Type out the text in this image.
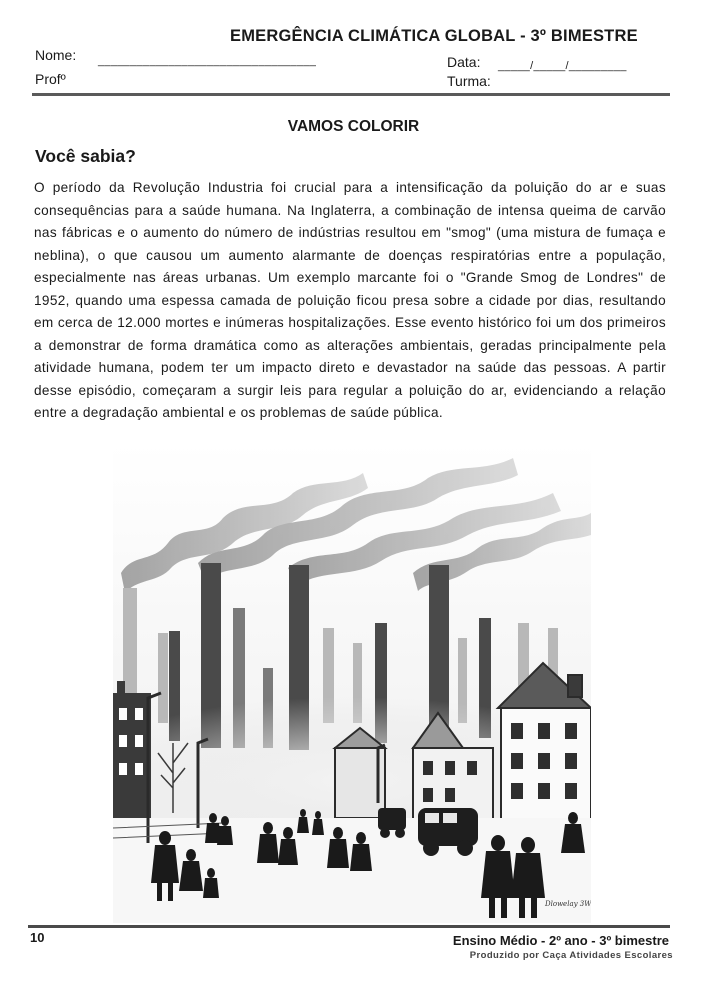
EMERGÊNCIA CLIMÁTICA GLOBAL - 3º BIMESTRE
Nome: __________________________________
Profº
Data: _____/_____/_________
Turma:
VAMOS COLORIR
Você sabia?
O período da Revolução Industria foi crucial para a intensificação da poluição do ar e suas consequências para a saúde humana. Na Inglaterra, a combinação de intensa queima de carvão nas fábricas e o aumento do número de indústrias resultou em "smog" (uma mistura de fumaça e neblina), o que causou um aumento alarmante de doenças respiratórias entre a população, especialmente nas áreas urbanas. Um exemplo marcante foi o "Grande Smog de Londres" de 1952, quando uma espessa camada de poluição ficou presa sobre a cidade por dias, resultando em cerca de 12.000 mortes e inúmeras hospitalizações. Esse evento histórico foi um dos primeiros a demonstrar de forma dramática como as alterações ambientais, geradas principalmente pela atividade humana, podem ter um impacto direto e devastador na saúde das pessoas. A partir desse episódio, começaram a surgir leis para regular a poluição do ar, evidenciando a relação entre a degradação ambiental e os problemas de saúde pública.
Dlowelay 3W0
10	Ensino Médio - 2º ano - 3º bimestre
Produzido por Caça Atividades Escolares
